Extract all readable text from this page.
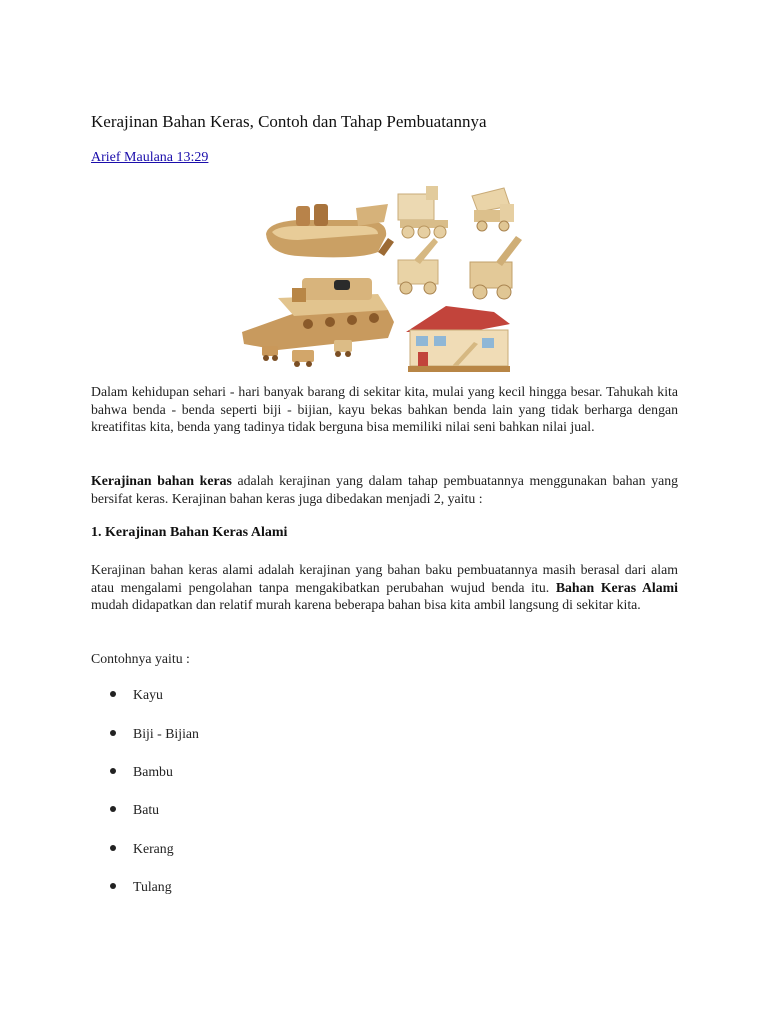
Kerajinan Bahan Keras, Contoh dan Tahap Pembuatannya
Arief Maulana 13:29

Dalam kehidupan sehari - hari banyak barang di sekitar kita, mulai yang kecil hingga besar. Tahukah kita bahwa benda - benda seperti biji - bijian, kayu bekas bahkan benda lain yang tidak berharga dengan kreatifitas kita, benda yang tadinya tidak berguna bisa memiliki nilai seni bahkan nilai jual.

Kerajinan bahan keras adalah kerajinan yang dalam tahap pembuatannya menggunakan bahan yang bersifat keras. Kerajinan bahan keras juga dibedakan menjadi 2, yaitu :

1. Kerajinan Bahan Keras Alami

Kerajinan bahan keras alami adalah kerajinan yang bahan baku pembuatannya masih berasal dari alam atau mengalami pengolahan tanpa mengakibatkan perubahan wujud benda itu. Bahan Keras Alami mudah didapatkan dan relatif murah karena beberapa bahan bisa kita ambil langsung di sekitar kita.

Contohnya yaitu :

Kayu
Biji - Bijian
Bambu
Batu
Kerang
Tulang
